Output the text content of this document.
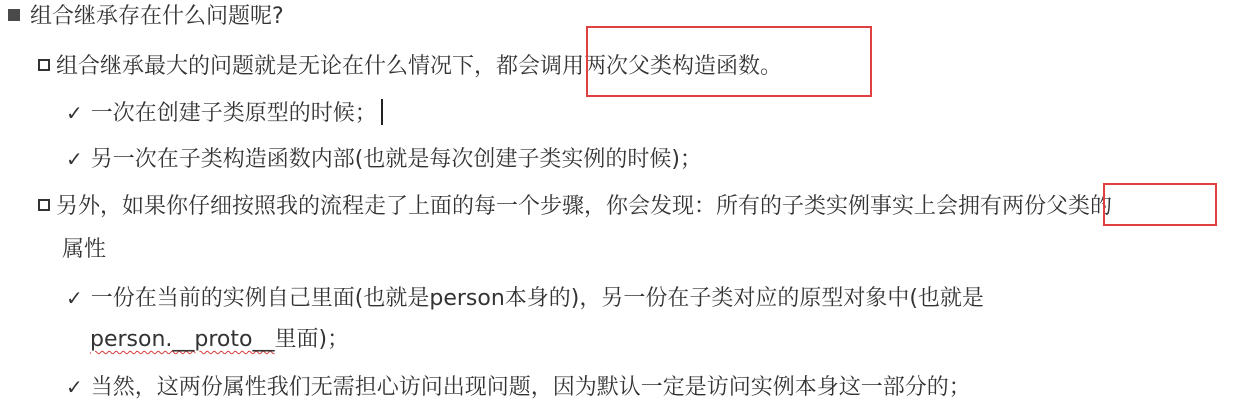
组合继承存在什么问题呢?
组合继承最大的问题就是无论在什么情况下，都会调用两次父类构造函数。
✓ 一次在创建子类原型的时候；
✓ 另一次在子类构造函数内部(也就是每次创建子类实例的时候)；
另外，如果你仔细按照我的流程走了上面的每一个步骤，你会发现：所有的子类实例事实上会拥有两份父类的
属性
✓ 一份在当前的实例自己里面(也就是person本身的)，另一份在子类对应的原型对象中(也就是
person.__proto__里面)；
✓ 当然，这两份属性我们无需担心访问出现问题，因为默认一定是访问实例本身这一部分的；
